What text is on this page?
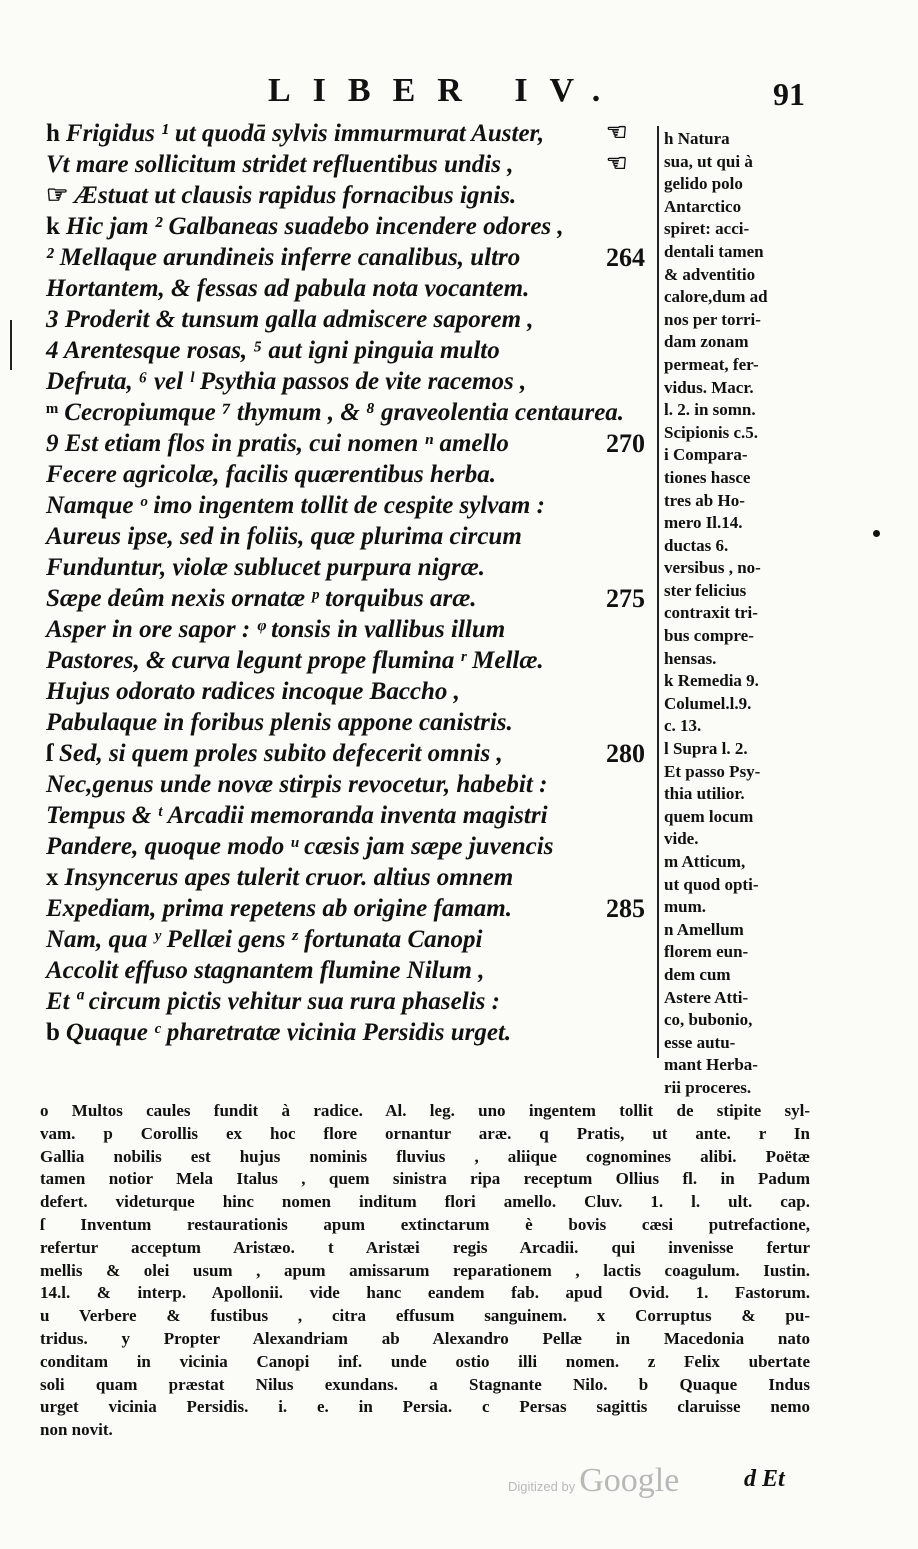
LIBER IV.	91
h Frigidus ¹ ut quodā sylvis immurmurat Auster,	☜
Vt mare sollicitum stridet refluentibus undis ,	☜
☞ Æstuat ut clausis rapidus fornacibus ignis.
k Hic jam ² Galbaneas suadebo incendere odores ,
² Mellaque arundineis inferre canalibus, ultro	264
Hortantem, & fessas ad pabula nota vocantem.
3 Proderit & tunsum galla admiscere saporem ,
4 Arentesque rosas, ⁵ aut igni pinguia multo
Defruta, ⁶ vel ˡ Psythia passos de vite racemos ,
ᵐ Cecropiumque ⁷ thymum , & ⁸ graveolentia centaurea.
9 Est etiam flos in pratis, cui nomen ⁿ amello	270
Fecere agricolæ, facilis quærentibus herba.
Namque ᵒ imo ingentem tollit de cespite sylvam :
Aureus ipse, sed in foliis, quæ plurima circum
Funduntur, violæ sublucet purpura nigræ.
Sæpe deûm nexis ornatæ ᵖ torquibus aræ.	275
Asper in ore sapor : ᵠ tonsis in vallibus illum
Pastores, & curva legunt prope flumina ʳ Mellæ.
Hujus odorato radices incoque Baccho ,
Pabulaque in foribus plenis appone canistris.
ſ Sed, si quem proles subito defecerit omnis ,	280
Nec,genus unde novæ stirpis revocetur, habebit :
Tempus & ᵗ Arcadii memoranda inventa magistri
Pandere, quoque modo ᵘ cæsis jam sæpe juvencis
x Insyncerus apes tulerit cruor. altius omnem
Expediam, prima repetens ab origine famam.	285
Nam, qua ʸ Pellæi gens ᶻ fortunata Canopi
Accolit effuso stagnantem flumine Nilum ,
Et ª circum pictis vehitur sua rura phaselis :
b Quaque ᶜ pharetratæ vicinia Persidis urget.
h Natura
sua, ut qui à
gelido polo
Antarctico
spiret: acci-
dentali tamen
& adventitio
calore,dum ad
nos per torri-
dam zonam
permeat, fer-
vidus. Macr.
l. 2. in somn.
Scipionis c.5.
i Compara-
tiones hasce
tres ab Ho-
mero Il.14.
ductas 6.
versibus , no-
ster felicius
contraxit tri-
bus compre-
hensas.
k Remedia 9.
Columel.l.9.
c. 13.
l Supra l. 2.
Et passo Psy-
thia utilior.
quem locum
vide.
m Atticum,
ut quod opti-
mum.
n Amellum
florem eun-
dem cum
Astere Atti-
co, bubonio,
esse autu-
mant Herba-
rii proceres.
o Multos caules fundit à radice. Al. leg. uno ingentem tollit de stipite syl-
vam. p Corollis ex hoc flore ornantur aræ. q Pratis, ut ante. r In
Gallia nobilis est hujus nominis fluvius , aliique cognomines alibi. Poëtæ
tamen notior Mela Italus , quem sinistra ripa receptum Ollius fl. in Padum
defert. videturque hinc nomen inditum flori amello. Cluv. 1. l. ult. cap.
ſ Inventum restaurationis apum extinctarum è bovis cæsi putrefactione,
refertur acceptum Aristæo. t Aristæi regis Arcadii. qui invenisse fertur
mellis & olei usum , apum amissarum reparationem , lactis coagulum. Iustin.
14.l. & interp. Apollonii. vide hanc eandem fab. apud Ovid. 1. Fastorum.
u Verbere & fustibus , citra effusum sanguinem. x Corruptus & pu-
tridus. y Propter Alexandriam ab Alexandro Pellæ in Macedonia nato
conditam in vicinia Canopi inf. unde ostio illi nomen. z Felix ubertate
soli quam præstat Nilus exundans. a Stagnante Nilo. b Quaque Indus
urget vicinia Persidis. i. e. in Persia. c Persas sagittis claruisse nemo
non novit.
d Et
Digitized by Google
